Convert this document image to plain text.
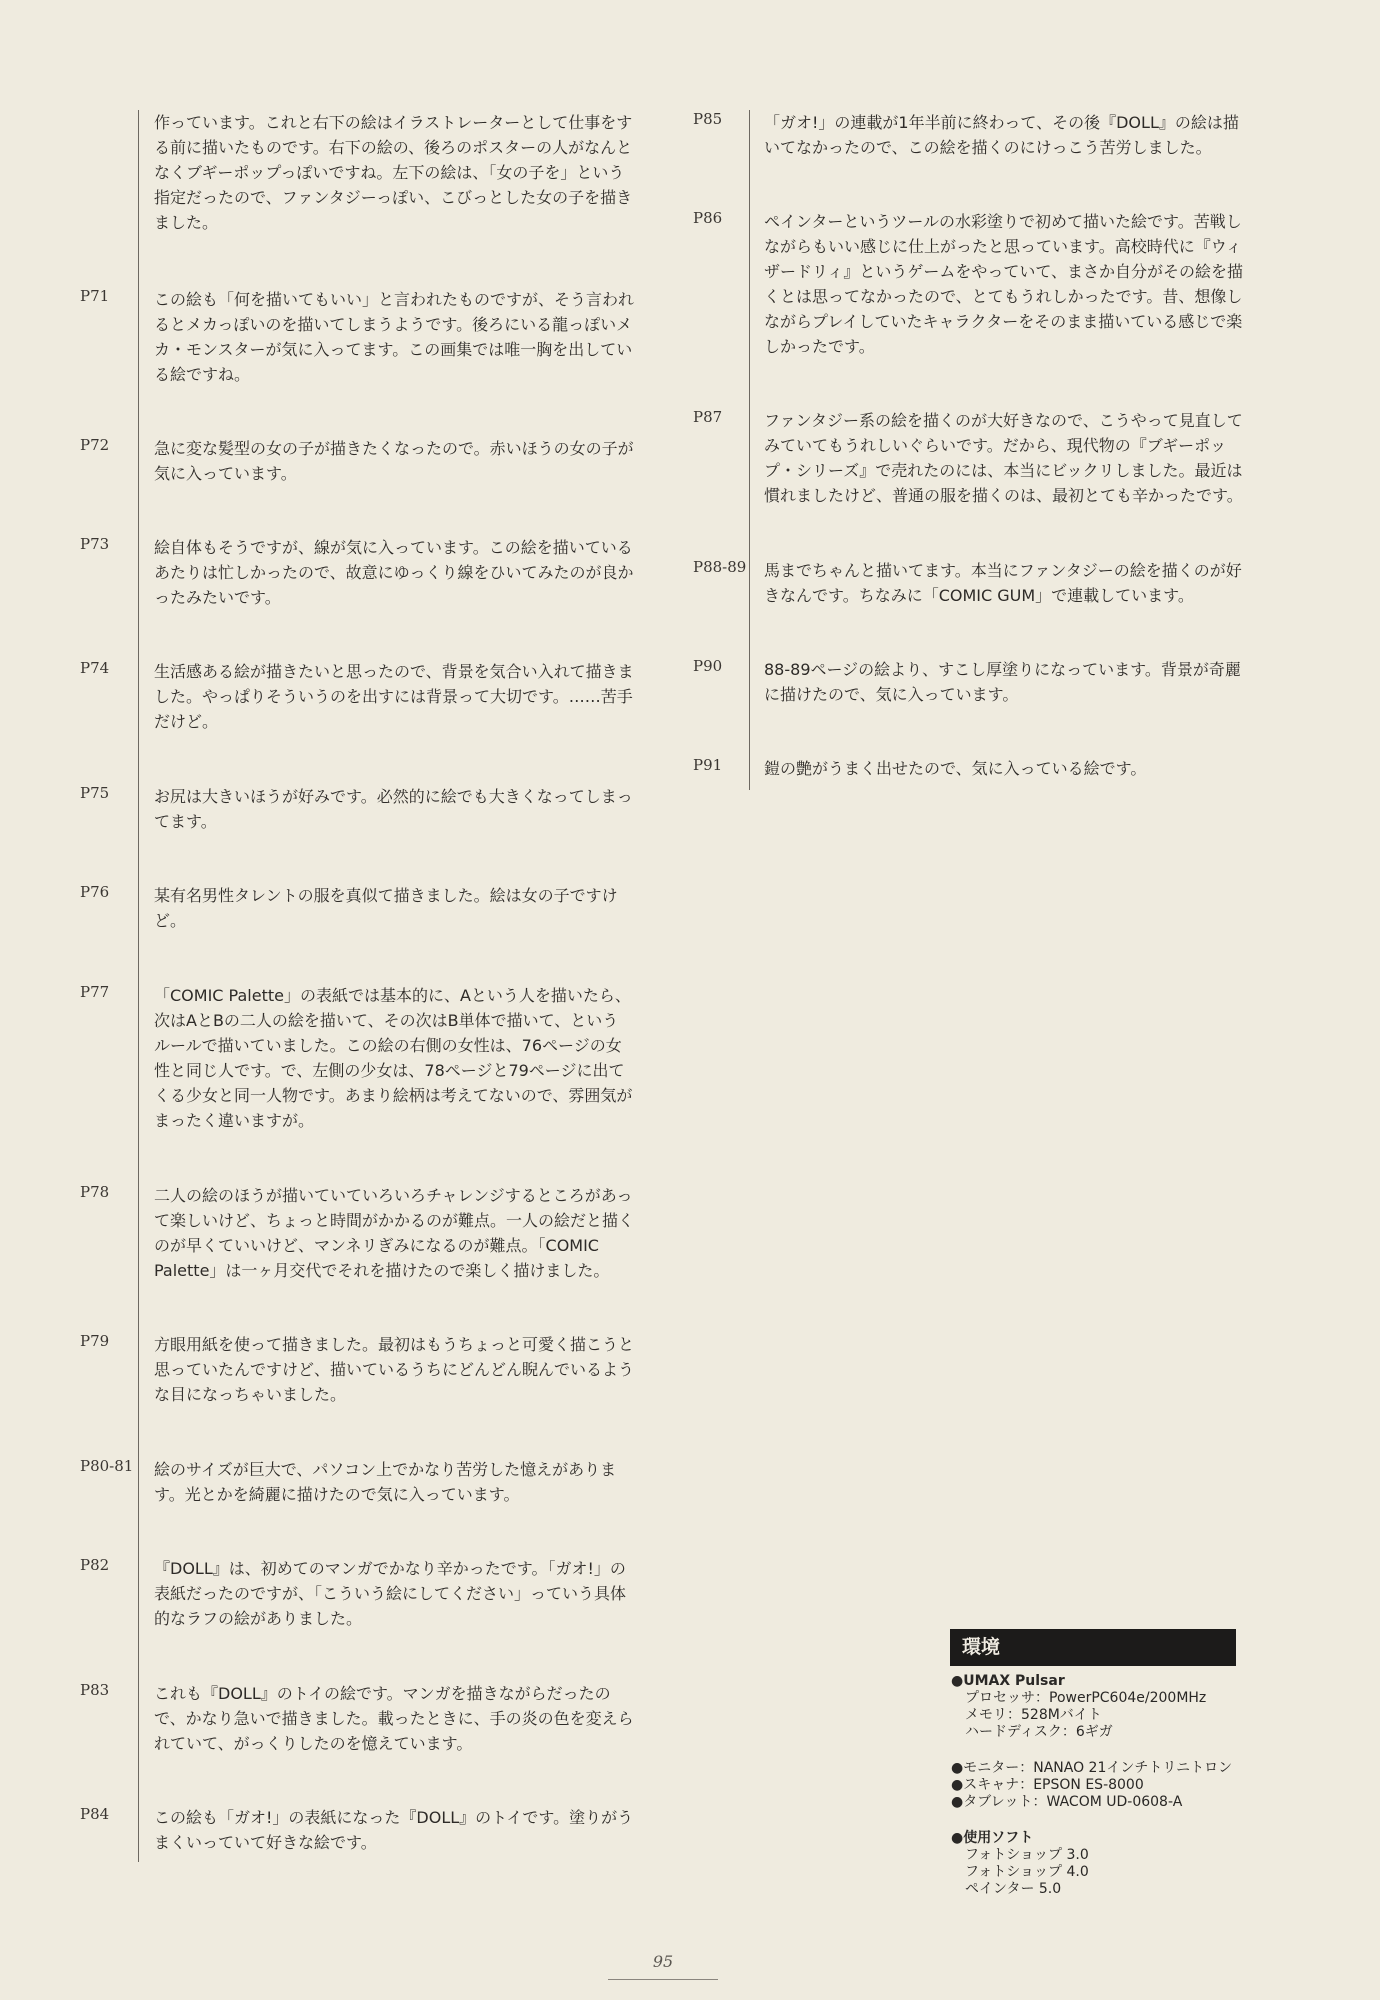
作っています。これと右下の絵はイラストレーターとして仕事をする前に描いたものです。右下の絵の、後ろのポスターの人がなんとなくブギーポップっぽいですね。左下の絵は、「女の子を」という指定だったので、ファンタジーっぽい、こびっとした女の子を描きました。
P71	この絵も「何を描いてもいい」と言われたものですが、そう言われるとメカっぽいのを描いてしまうようです。後ろにいる龍っぽいメカ・モンスターが気に入ってます。この画集では唯一胸を出している絵ですね。
P72	急に変な髪型の女の子が描きたくなったので。赤いほうの女の子が気に入っています。
P73	絵自体もそうですが、線が気に入っています。この絵を描いているあたりは忙しかったので、故意にゆっくり線をひいてみたのが良かったみたいです。
P74	生活感ある絵が描きたいと思ったので、背景を気合い入れて描きました。やっぱりそういうのを出すには背景って大切です。……苦手だけど。
P75	お尻は大きいほうが好みです。必然的に絵でも大きくなってしまってます。
P76	某有名男性タレントの服を真似て描きました。絵は女の子ですけど。
P77	「COMIC Palette」の表紙では基本的に、Aという人を描いたら、次はAとBの二人の絵を描いて、その次はB単体で描いて、というルールで描いていました。この絵の右側の女性は、76ページの女性と同じ人です。で、左側の少女は、78ページと79ページに出てくる少女と同一人物です。あまり絵柄は考えてないので、雰囲気がまったく違いますが。
P78	二人の絵のほうが描いていていろいろチャレンジするところがあって楽しいけど、ちょっと時間がかかるのが難点。一人の絵だと描くのが早くていいけど、マンネリぎみになるのが難点。「COMIC Palette」は一ヶ月交代でそれを描けたので楽しく描けました。
P79	方眼用紙を使って描きました。最初はもうちょっと可愛く描こうと思っていたんですけど、描いているうちにどんどん睨んでいるような目になっちゃいました。
P80-81 絵のサイズが巨大で、パソコン上でかなり苦労した憶えがあります。光とかを綺麗に描けたので気に入っています。
P82	『DOLL』は、初めてのマンガでかなり辛かったです。「ガオ!」の表紙だったのですが、「こういう絵にしてください」っていう具体的なラフの絵がありました。
P83	これも『DOLL』のトイの絵です。マンガを描きながらだったので、かなり急いで描きました。載ったときに、手の炎の色を変えられていて、がっくりしたのを憶えています。
P84	この絵も「ガオ!」の表紙になった『DOLL』のトイです。塗りがうまくいっていて好きな絵です。
P85	「ガオ!」の連載が1年半前に終わって、その後『DOLL』の絵は描いてなかったので、この絵を描くのにけっこう苦労しました。
P86	ペインターというツールの水彩塗りで初めて描いた絵です。苦戦しながらもいい感じに仕上がったと思っています。高校時代に『ウィザードリィ』というゲームをやっていて、まさか自分がその絵を描くとは思ってなかったので、とてもうれしかったです。昔、想像しながらプレイしていたキャラクターをそのまま描いている感じで楽しかったです。
P87	ファンタジー系の絵を描くのが大好きなので、こうやって見直してみていてもうれしいぐらいです。だから、現代物の『ブギーポップ・シリーズ』で売れたのには、本当にビックリしました。最近は慣れましたけど、普通の服を描くのは、最初とても辛かったです。
P88-89 馬までちゃんと描いてます。本当にファンタジーの絵を描くのが好きなんです。ちなみに「COMIC GUM」で連載しています。
P90	88-89ページの絵より、すこし厚塗りになっています。背景が奇麗に描けたので、気に入っています。
P91	鎧の艶がうまく出せたので、気に入っている絵です。
環境
●UMAX Pulsar
プロセッサ：PowerPC604e/200MHz
メモリ：528Mバイト
ハードディスク：6ギガ
●モニター：NANAO 21インチトリニトロン
●スキャナ：EPSON ES-8000
●タブレット：WACOM UD-0608-A
●使用ソフト
フォトショップ 3.0
フォトショップ 4.0
ペインター 5.0
95
